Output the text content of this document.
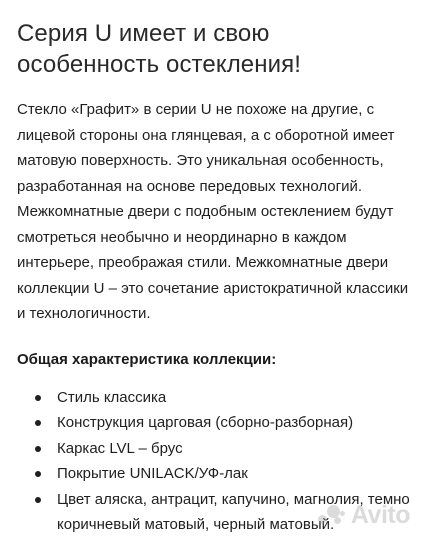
Серия U имеет и свою особенность остекления!

Стекло «Графит» в серии U не похоже на другие, с лицевой стороны она глянцевая, а с оборотной имеет матовую поверхность. Это уникальная особенность, разработанная на основе передовых технологий. Межкомнатные двери с подобным остеклением будут смотреться необычно и неординарно в каждом интерьере, преображая стили. Межкомнатные двери коллекции U – это сочетание аристократичной классики и технологичности.

Общая характеристика коллекции:
Стиль классика
Конструкция царговая (сборно-разборная)
Каркас LVL – брус
Покрытие UNILACK/УФ-лак
Цвет аляска, антрацит, капучино, магнолия, темно коричневый матовый, черный матовый. Avito
